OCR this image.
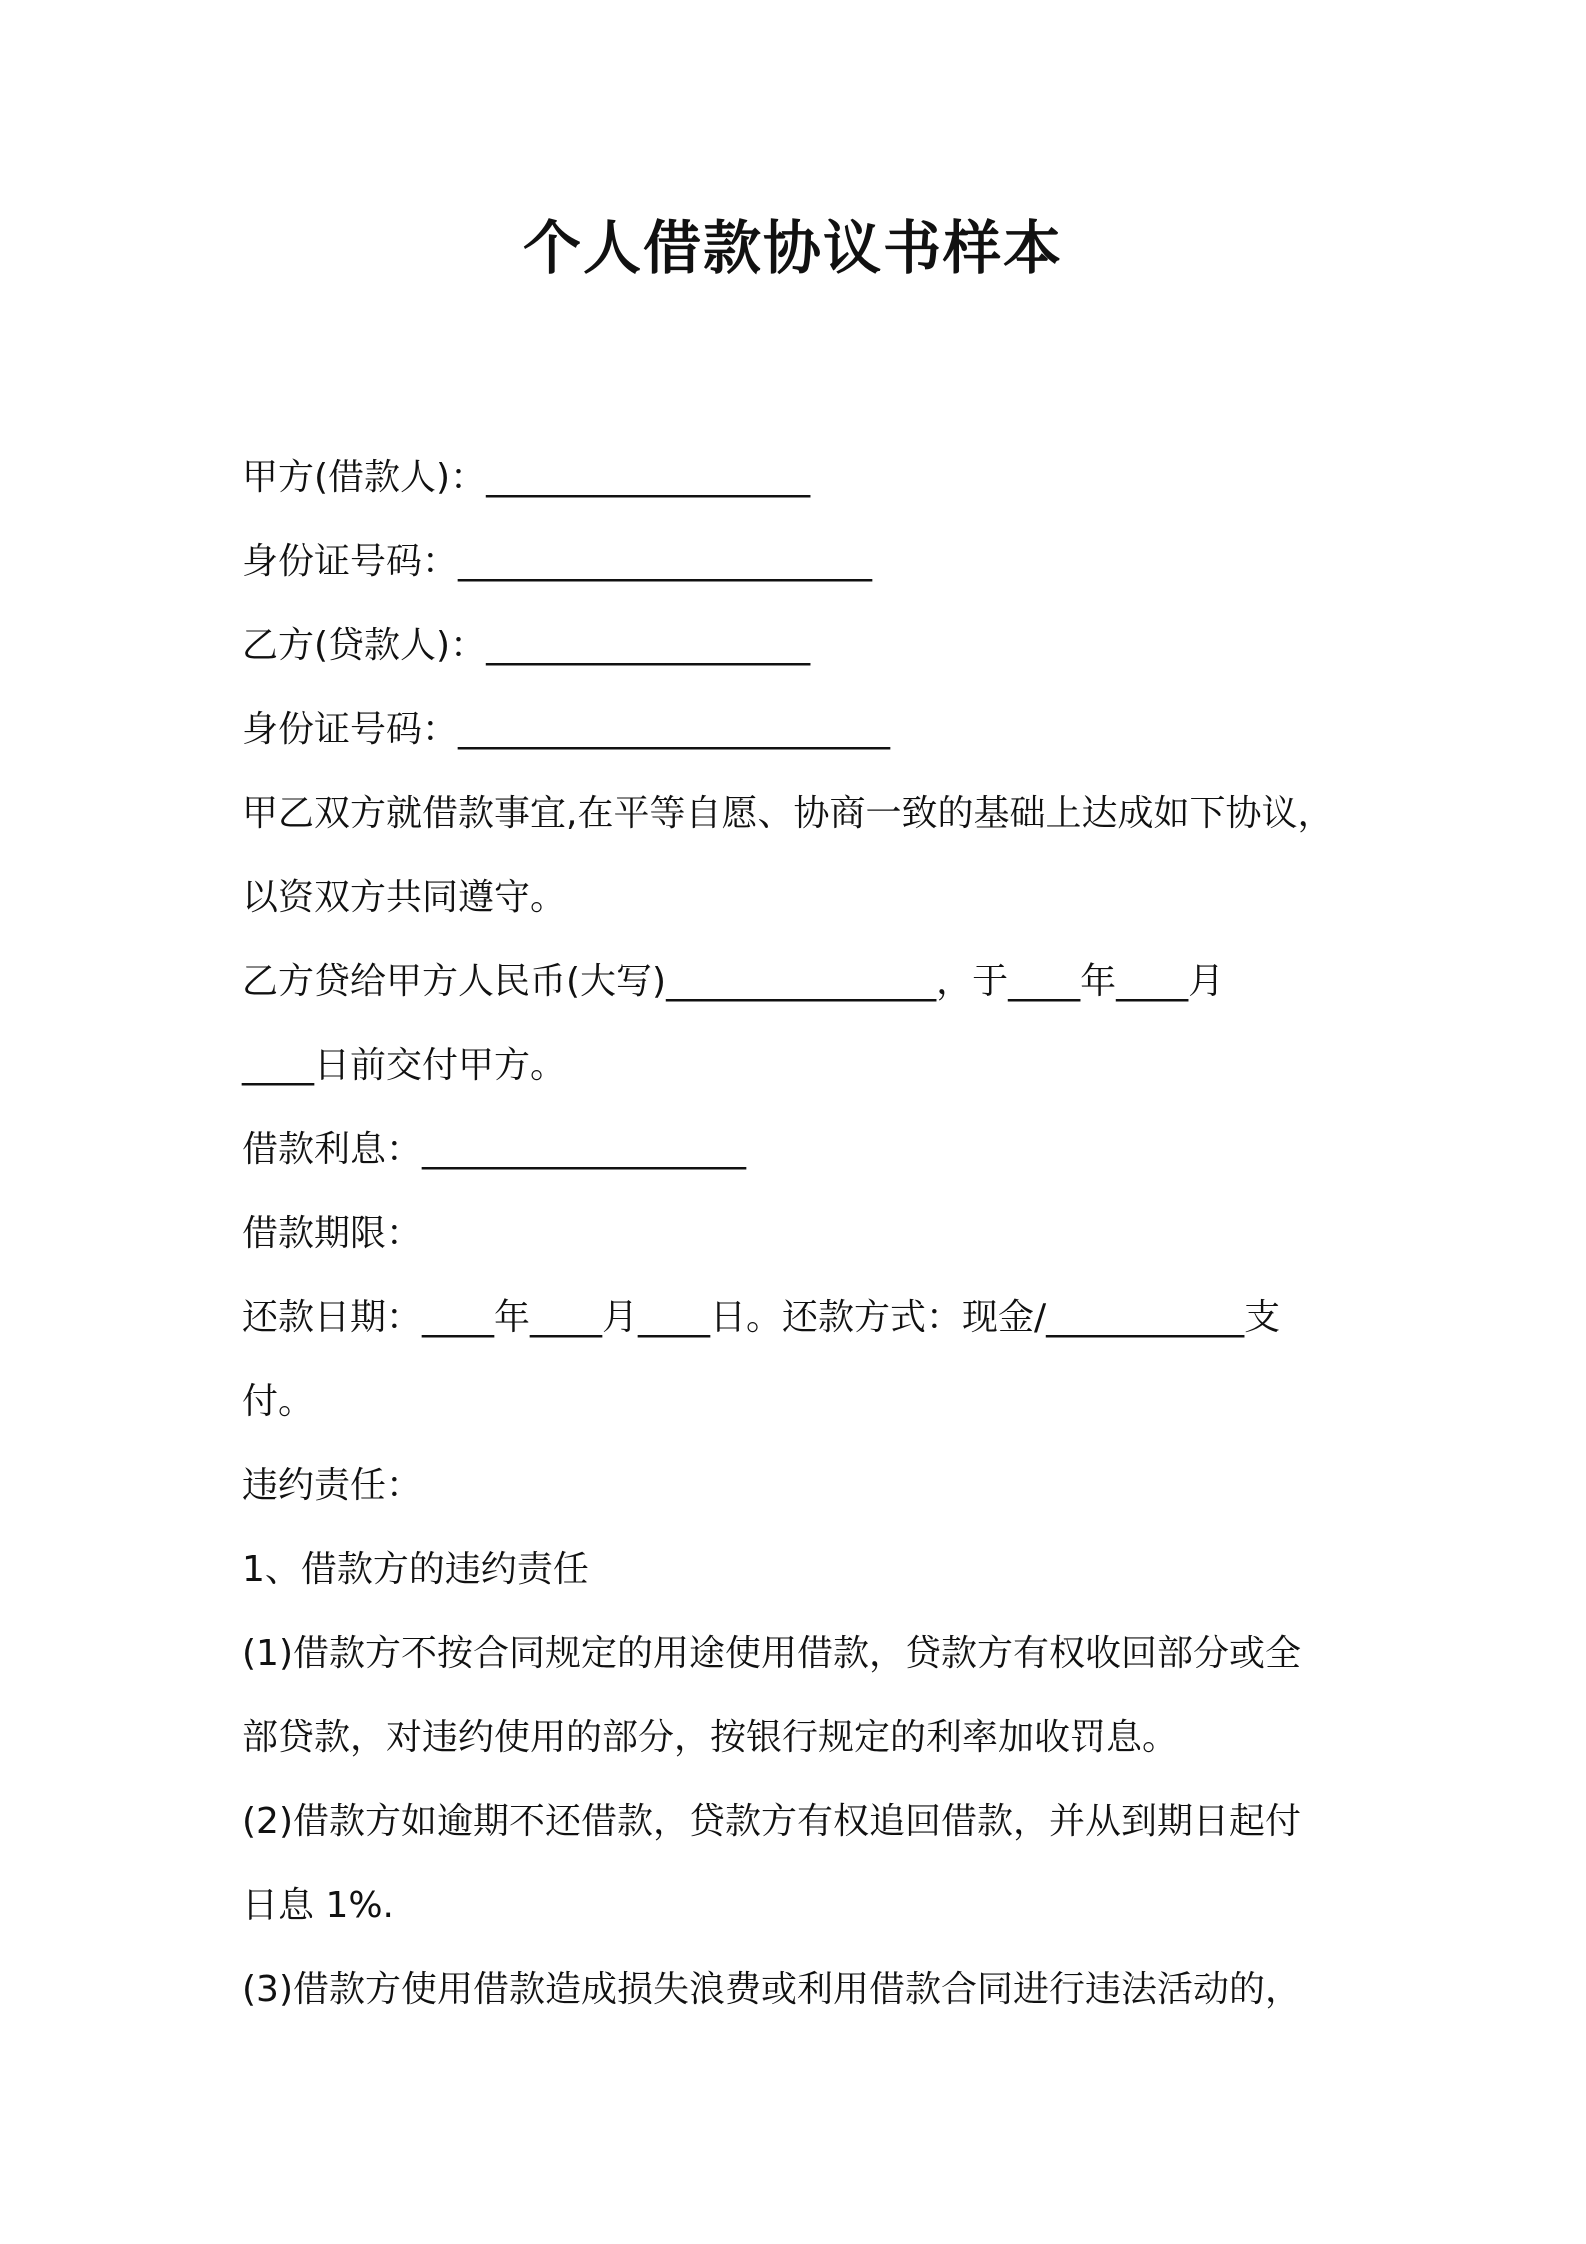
个人借款协议书样本
甲方(借款人)：__________________
身份证号码：_______________________
乙方(贷款人)：__________________
身份证号码：________________________
甲乙双方就借款事宜,在平等自愿、协商一致的基础上达成如下协议，
以资双方共同遵守。
乙方贷给甲方人民币(大写)_______________，于____年____月
____日前交付甲方。
借款利息：__________________
借款期限：
还款日期：____年____月____日。还款方式：现金/___________支
付。
违约责任：
1、借款方的违约责任
(1)借款方不按合同规定的用途使用借款，贷款方有权收回部分或全
部贷款，对违约使用的部分，按银行规定的利率加收罚息。
(2)借款方如逾期不还借款，贷款方有权追回借款，并从到期日起付
日息 1%.
(3)借款方使用借款造成损失浪费或利用借款合同进行违法活动的，
